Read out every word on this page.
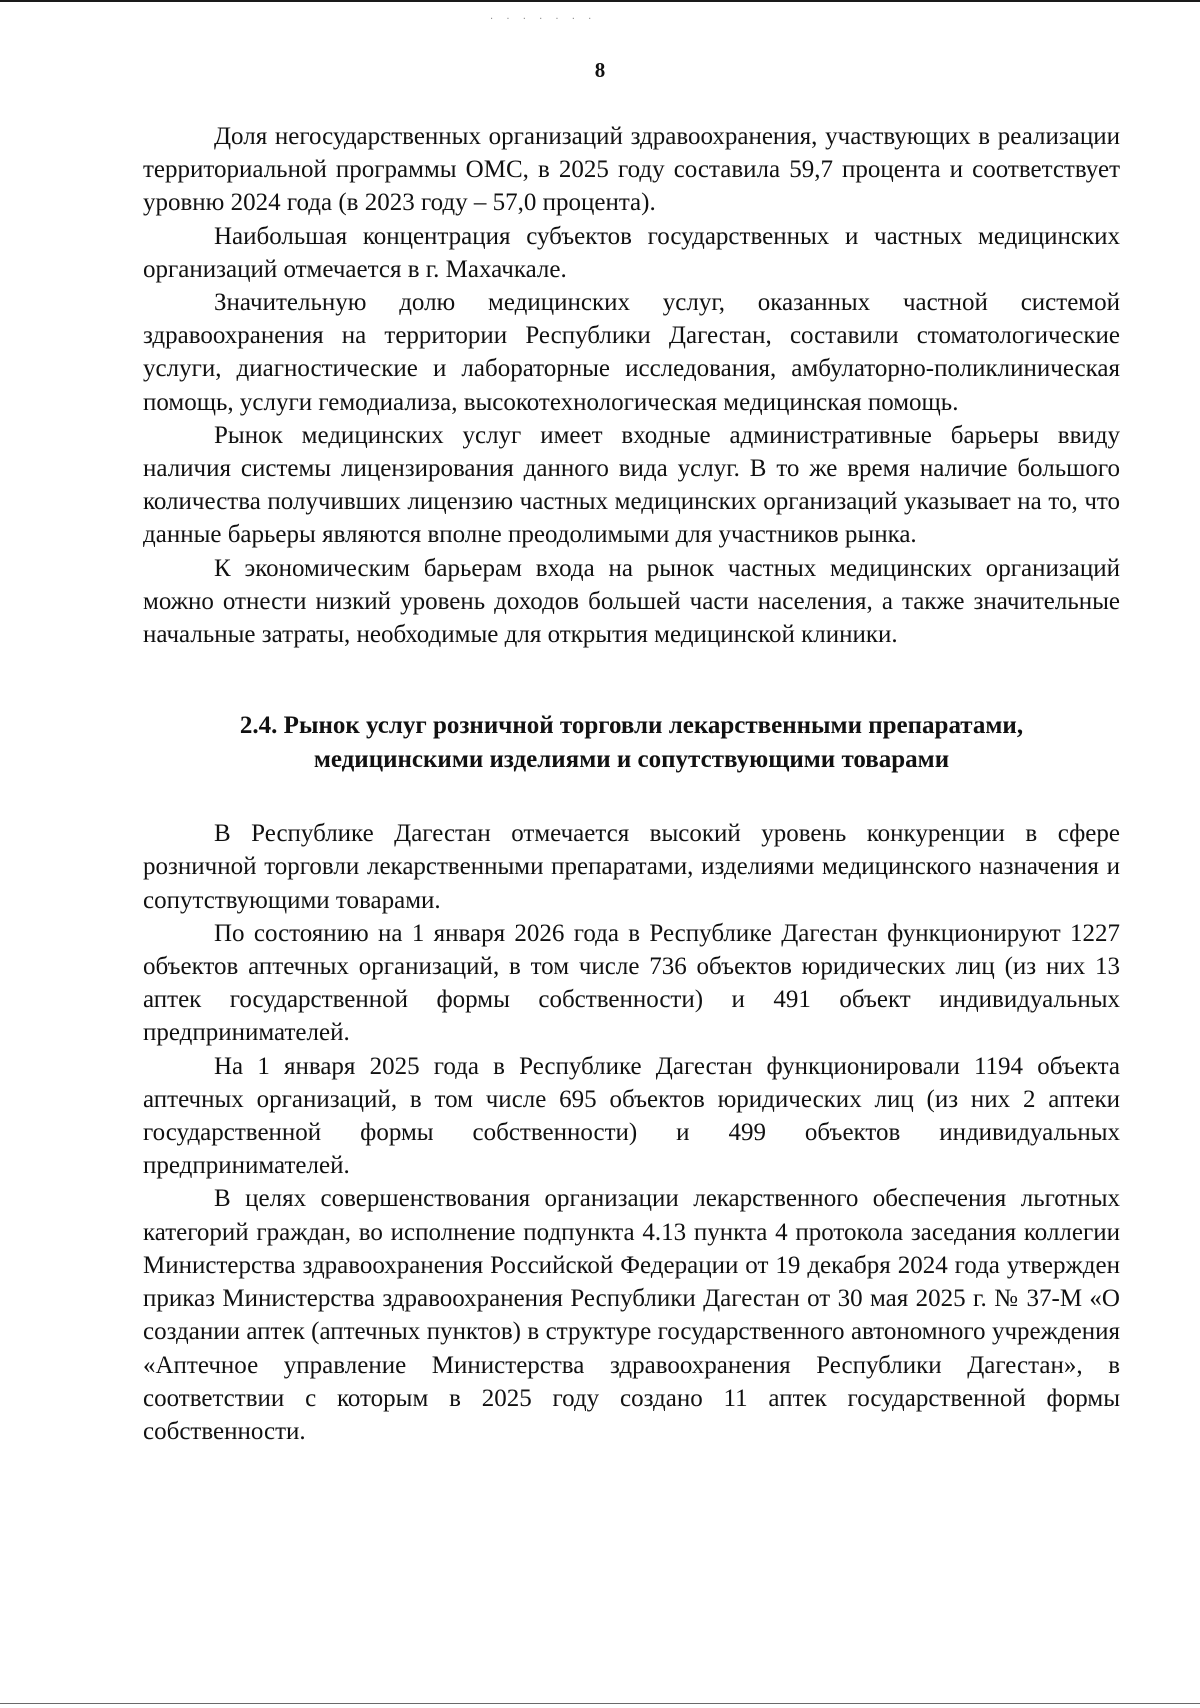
· · · · · · ·
8

Доля негосударственных организаций здравоохранения, участвующих в реализации территориальной программы ОМС, в 2025 году составила 59,7 процента и соответствует уровню 2024 года (в 2023 году – 57,0 процента).

Наибольшая концентрация субъектов государственных и частных медицинских организаций отмечается в г. Махачкале.

Значительную долю медицинских услуг, оказанных частной системой здравоохранения на территории Республики Дагестан, составили стоматологические услуги, диагностические и лабораторные исследования, амбулаторно-поликлиническая помощь, услуги гемодиализа, высокотехнологическая медицинская помощь.

Рынок медицинских услуг имеет входные административные барьеры ввиду наличия системы лицензирования данного вида услуг. В то же время наличие большого количества получивших лицензию частных медицинских организаций указывает на то, что данные барьеры являются вполне преодолимыми для участников рынка.

К экономическим барьерам входа на рынок частных медицинских организаций можно отнести низкий уровень доходов большей части населения, а также значительные начальные затраты, необходимые для открытия медицинской клиники.

2.4. Рынок услуг розничной торговли лекарственными препаратами,
медицинскими изделиями и сопутствующими товарами

В Республике Дагестан отмечается высокий уровень конкуренции в сфере розничной торговли лекарственными препаратами, изделиями медицинского назначения и сопутствующими товарами.

По состоянию на 1 января 2026 года в Республике Дагестан функционируют 1227 объектов аптечных организаций, в том числе 736 объектов юридических лиц (из них 13 аптек государственной формы собственности) и 491 объект индивидуальных предпринимателей.

На 1 января 2025 года в Республике Дагестан функционировали 1194 объекта аптечных организаций, в том числе 695 объектов юридических лиц (из них 2 аптеки государственной формы собственности) и 499 объектов индивидуальных предпринимателей.

В целях совершенствования организации лекарственного обеспечения льготных категорий граждан, во исполнение подпункта 4.13 пункта 4 протокола заседания коллегии Министерства здравоохранения Российской Федерации от 19 декабря 2024 года утвержден приказ Министерства здравоохранения Республики Дагестан от 30 мая 2025 г. № 37-М «О создании аптек (аптечных пунктов) в структуре государственного автономного учреждения «Аптечное управление Министерства здравоохранения Республики Дагестан», в соответствии с которым в 2025 году создано 11 аптек государственной формы собственности.
